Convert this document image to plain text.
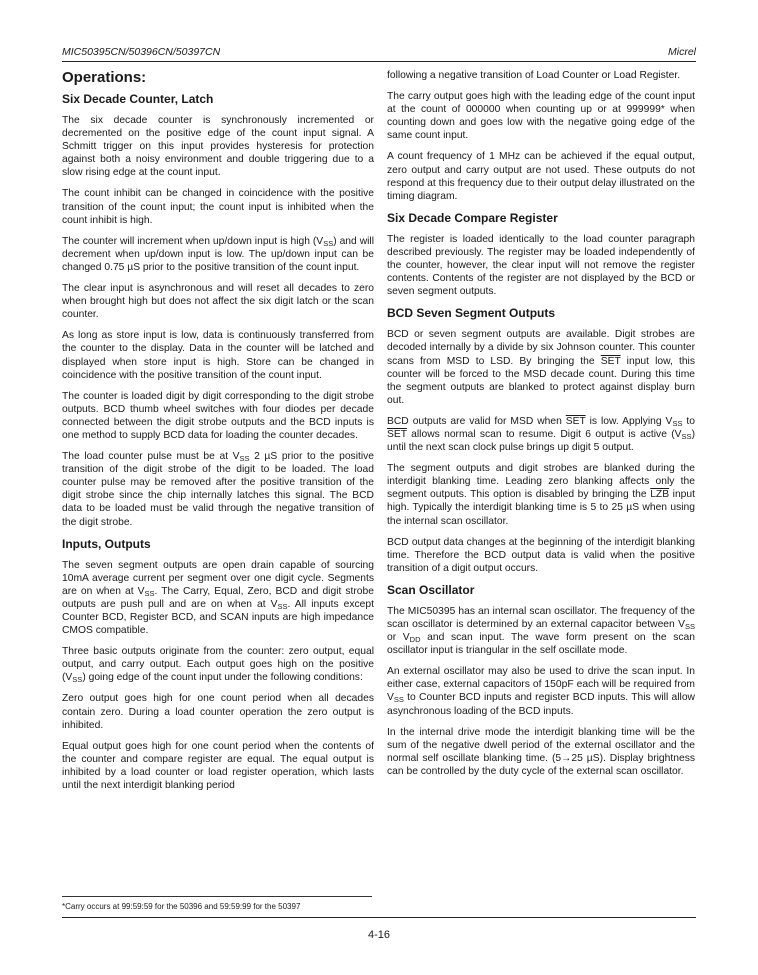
MIC50395CN/50396CN/50397CN	Micrel
Operations:
Six Decade Counter, Latch

The six decade counter is synchronously incremented or decremented on the positive edge of the count input signal. A Schmitt trigger on this input provides hysteresis for protection against both a noisy environment and double triggering due to a slow rising edge at the count input.

The count inhibit can be changed in coincidence with the positive transition of the count input; the count input is inhibited when the count inhibit is high.

The counter will increment when up/down input is high $(V_{SS})$ and will decrement when up/down input is low. The up/down input can be changed 0.75 µS prior to the positive transition of the count input.

The clear input is asynchronous and will reset all decades to zero when brought high but does not affect the six digit latch or the scan counter.

As long as store input is low, data is continuously transferred from the counter to the display. Data in the counter will be latched and displayed when store input is high. Store can be changed in coincidence with the positive transition of the count input.

The counter is loaded digit by digit corresponding to the digit strobe outputs. BCD thumb wheel switches with four diodes per decade connected between the digit strobe outputs and the BCD inputs is one method to supply BCD data for loading the counter decades.

The load counter pulse must be at $V_{SS}$ 2 µS prior to the positive transition of the digit strobe of the digit to be loaded. The load counter pulse may be removed after the positive transition of the digit strobe since the chip internally latches this signal. The BCD data to be loaded must be valid through the negative transition of the digit strobe.

Inputs, Outputs

The seven segment outputs are open drain capable of sourcing 10mA average current per segment over one digit cycle. Segments are on when at $V_{SS}$. The Carry, Equal, Zero, BCD and digit strobe outputs are push pull and are on when at $V_{SS}$. All inputs except Counter BCD, Register BCD, and SCAN inputs are high impedance CMOS compatible.

Three basic outputs originate from the counter: zero output, equal output, and carry output. Each output goes high on the positive $(V_{SS})$ going edge of the count input under the following conditions:

Zero output goes high for one count period when all decades contain zero. During a load counter operation the zero output is inhibited.

Equal output goes high for one count period when the contents of the counter and compare register are equal. The equal output is inhibited by a load counter or load register operation, which lasts until the next interdigit blanking period

following a negative transition of Load Counter or Load Register.

The carry output goes high with the leading edge of the count input at the count of 000000 when counting up or at 999999* when counting down and goes low with the negative going edge of the same count input.

A count frequency of 1 MHz can be achieved if the equal output, zero output and carry output are not used. These outputs do not respond at this frequency due to their output delay illustrated on the timing diagram.

Six Decade Compare Register

The register is loaded identically to the load counter paragraph described previously. The register may be loaded independently of the counter, however, the clear input will not remove the register contents. Contents of the register are not displayed by the BCD or seven segment outputs.

BCD Seven Segment Outputs

BCD or seven segment outputs are available. Digit strobes are decoded internally by a divide by six Johnson counter. This counter scans from MSD to LSD. By bringing the $\overline{SET}$ input low, this counter will be forced to the MSD decade count. During this time the segment outputs are blanked to protect against display burn out.

BCD outputs are valid for MSD when $\overline{SET}$ is low. Applying $V_{SS}$ to $\overline{SET}$ allows normal scan to resume. Digit 6 output is active $(V_{SS})$ until the next scan clock pulse brings up digit 5 output.

The segment outputs and digit strobes are blanked during the interdigit blanking time. Leading zero blanking affects only the segment outputs. This option is disabled by bringing the $\overline{LZB}$ input high. Typically the interdigit blanking time is 5 to 25 µS when using the internal scan oscillator.

BCD output data changes at the beginning of the interdigit blanking time. Therefore the BCD output data is valid when the positive transition of a digit output occurs.

Scan Oscillator

The MIC50395 has an internal scan oscillator. The frequency of the scan oscillator is determined by an external capacitor between $V_{SS}$ or $V_{DD}$ and scan input. The wave form present on the scan oscillator input is triangular in the self oscillate mode.

An external oscillator may also be used to drive the scan input. In either case, external capacitors of 150pF each will be required from $V_{SS}$ to Counter BCD inputs and register BCD inputs. This will allow asynchronous loading of the BCD inputs.

In the internal drive mode the interdigit blanking time will be the sum of the negative dwell period of the external oscillator and the normal self oscillate blanking time. (5→25 µS). Display brightness can be controlled by the duty cycle of the external scan oscillator.

*Carry occurs at 99:59:59 for the 50396 and 59:59:99 for the 50397
4-16
